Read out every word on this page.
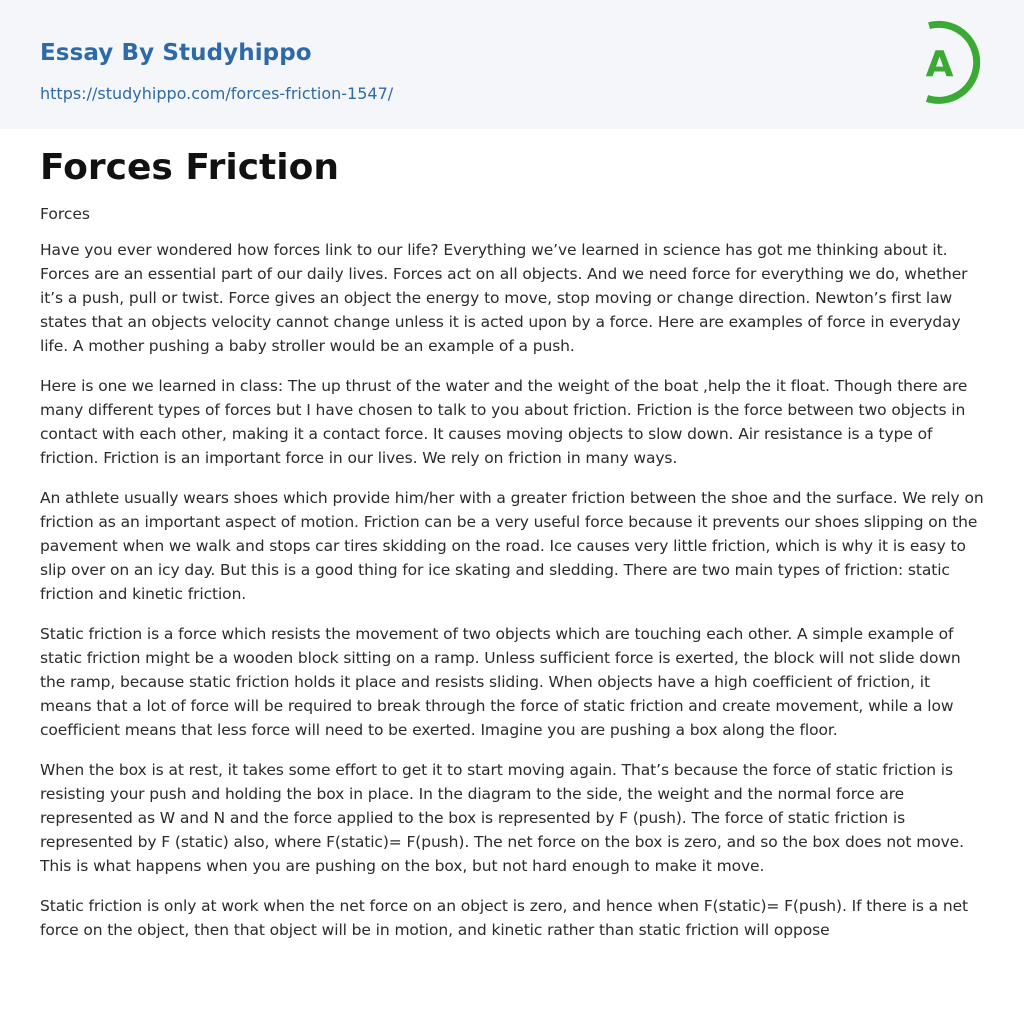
Essay By Studyhippo
https://studyhippo.com/forces-friction-1547/
A
Forces Friction
Forces

Have you ever wondered how forces link to our life? Everything we’ve learned in science has got me thinking about it. Forces are an essential part of our daily lives. Forces act on all objects. And we need force for everything we do, whether it’s a push, pull or twist. Force gives an object the energy to move, stop moving or change direction. Newton’s first law states that an objects velocity cannot change unless it is acted upon by a force. Here are examples of force in everyday life. A mother pushing a baby stroller would be an example of a push.

Here is one we learned in class: The up thrust of the water and the weight of the boat ,help the it float. Though there are many different types of forces but I have chosen to talk to you about friction. Friction is the force between two objects in contact with each other, making it a contact force. It causes moving objects to slow down. Air resistance is a type of friction. Friction is an important force in our lives. We rely on friction in many ways.

An athlete usually wears shoes which provide him/her with a greater friction between the shoe and the surface. We rely on friction as an important aspect of motion. Friction can be a very useful force because it prevents our shoes slipping on the pavement when we walk and stops car tires skidding on the road. Ice causes very little friction, which is why it is easy to slip over on an icy day. But this is a good thing for ice skating and sledding. There are two main types of friction: static friction and kinetic friction.

Static friction is a force which resists the movement of two objects which are touching each other. A simple example of static friction might be a wooden block sitting on a ramp. Unless sufficient force is exerted, the block will not slide down the ramp, because static friction holds it place and resists sliding. When objects have a high coefficient of friction, it means that a lot of force will be required to break through the force of static friction and create movement, while a low coefficient means that less force will need to be exerted. Imagine you are pushing a box along the floor.

When the box is at rest, it takes some effort to get it to start moving again. That’s because the force of static friction is resisting your push and holding the box in place. In the diagram to the side, the weight and the normal force are represented as W and N and the force applied to the box is represented by F (push). The force of static friction is represented by F (static) also, where F(static)= F(push). The net force on the box is zero, and so the box does not move. This is what happens when you are pushing on the box, but not hard enough to make it move.

Static friction is only at work when the net force on an object is zero, and hence when F(static)= F(push). If there is a net force on the object, then that object will be in motion, and kinetic rather than static friction will oppose
